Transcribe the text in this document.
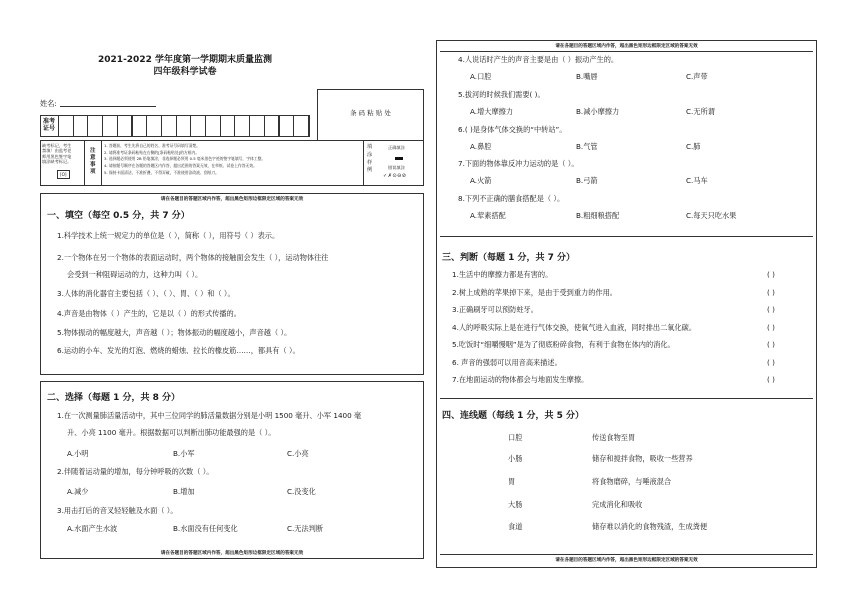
2021-2022 学年度第一学期期末质量监测
四年级科学试卷
姓名:
条 码 粘 贴 处
准考证号
缺考标记，考生
禁填！由监考老
师用黑色签字笔
填涂缺考标记。
[O]
注意事项
1. 答题前，考生先将自己的姓名、准考证号码填写清楚。
2. 请将准考证条码粘贴在右侧的[条码粘贴处]的方框内。
3. 选择题必须使用 2B 铅笔填涂，非选择题必须用 0.5 毫米黑色字迹的签字笔填写，字体工整。
4. 请按题号顺序在各题的答题区内作答，超出范围的答案无效，在草纸、试卷上作答无效。
5. 保持卡面清洁，不准折叠，不得弄破，不准使用涂改液、刮纸刀。
填涂样例
正确填涂
错误填涂
✓✗⊙⊖⊘
请在各题目的答题区域内作答，超出黑色矩形边框限定区域的答案无效
一、填空（每空 0.5 分，共 7 分）
1.科学技术上统一规定力的单位是（ ），简称（ ），用符号（ ）表示。
2.一个物体在另一个物体的表面运动时，两个物体的接触面会发生（ ），运动物体往往
会受到一种阻碍运动的力，这种力叫（ ）。
3.人体的消化器官主要包括（ ）、（ ）、胃、（ ）和（ ）。
4.声音是由物体（ ）产生的，它是以（ ）的形式传播的。
5.物体振动的幅度越大，声音越（ ）；物体振动的幅度越小，声音越（ ）。
6.运动的小车、发光的灯泡、燃烧的蜡烛、拉长的橡皮筋……，都具有（ ）。
二、选择（每题 1 分，共 8 分）
1.在一次测量肺活量活动中，其中三位同学的肺活量数据分别是小明 1500 毫升、小军 1400 毫
升、小亮 1100 毫升。根据数据可以判断出肺功能最强的是（ ）。
A.小明	B.小军	C.小亮
2.伴随着运动量的增加，每分钟呼吸的次数（ ）。
A.减少	B.增加	C.没变化
3.用击打后的音叉轻轻触及水面（ ）。
A.水面产生水波	B.水面没有任何变化	C.无法判断
请在各题目的答题区域内作答，超出黑色矩形边框限定区域的答案无效
请在各题目的答题区域内作答，超出黑色矩形边框限定区域的答案无效
4.人说话时产生的声音主要是由（ ）振动产生的。
A.口腔	B.嘴唇	C.声带
5.拔河的时候我们需要( )。
A.增大摩擦力	B.减小摩擦力	C.无所谓
6.( )是身体气体交换的“中转站”。
A.鼻腔	B.气管	C.肺
7.下面的物体靠反冲力运动的是（ ）。
A.火箭	B.弓箭	C.马车
8.下列不正确的膳食搭配是（ ）。
A.荤素搭配	B.粗细粮搭配	C.每天只吃水果
三、判断（每题 1 分，共 7 分）
1.生活中的摩擦力都是有害的。	( )
2.树上成熟的苹果掉下来，是由于受到重力的作用。	( )
3.正确刷牙可以预防蛀牙。	( )
4.人的呼吸实际上是在进行气体交换，使氧气进入血液，同时排出二氧化碳。	( )
5.吃饭时“细嚼慢咽”是为了彻底粉碎食物，有利于食物在体内的消化。	( )
6. 声音的强弱可以用音高来描述。	( )
7.在地面运动的物体都会与地面发生摩擦。	( )
四、连线题（每线 1 分，共 5 分）
口腔	传送食物至胃
小肠	储存和搅拌食物，吸收一些营养
胃	将食物磨碎，与唾液混合
大肠	完成消化和吸收
食道	储存难以消化的食物残渣，生成粪便
请在各题目的答题区域内作答，超出黑色矩形边框限定区域的答案无效
